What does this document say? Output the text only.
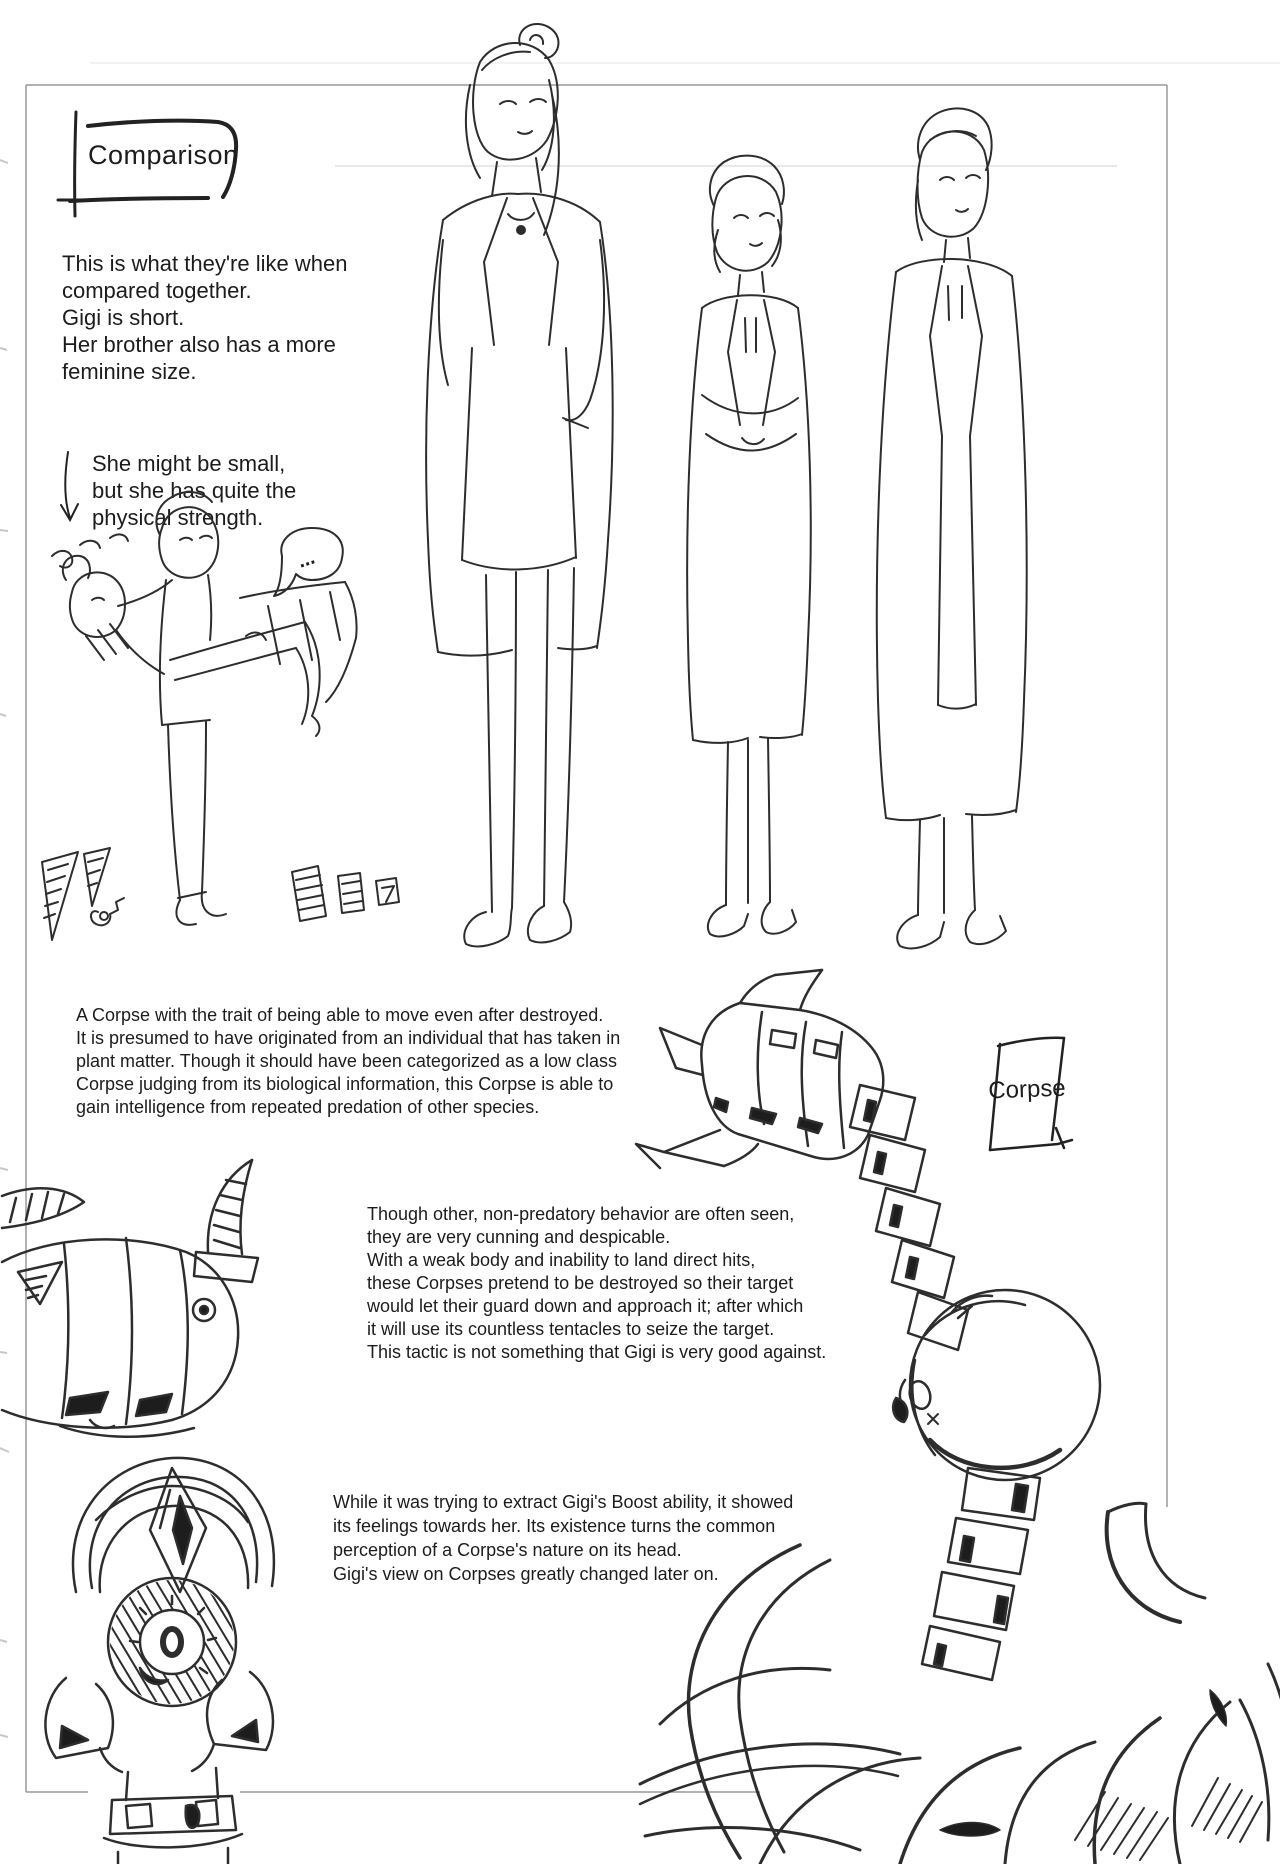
Comparison
This is what they're like when
compared together.
Gigi is short.
Her brother also has a more
feminine size.
She might be small,
but she has quite the
physical strength.
Corpse
A Corpse with the trait of being able to move even after destroyed.
It is presumed to have originated from an individual that has taken in
plant matter. Though it should have been categorized as a low class
Corpse judging from its biological information, this Corpse is able to
gain intelligence from repeated predation of other species.
Though other, non-predatory behavior are often seen,
they are very cunning and despicable.
With a weak body and inability to land direct hits,
these Corpses pretend to be destroyed so their target
would let their guard down and approach it; after which
it will use its countless tentacles to seize the target.
This tactic is not something that Gigi is very good against.
While it was trying to extract Gigi's Boost ability, it showed
its feelings towards her. Its existence turns the common
perception of a Corpse's nature on its head.
Gigi's view on Corpses greatly changed later on.
...
